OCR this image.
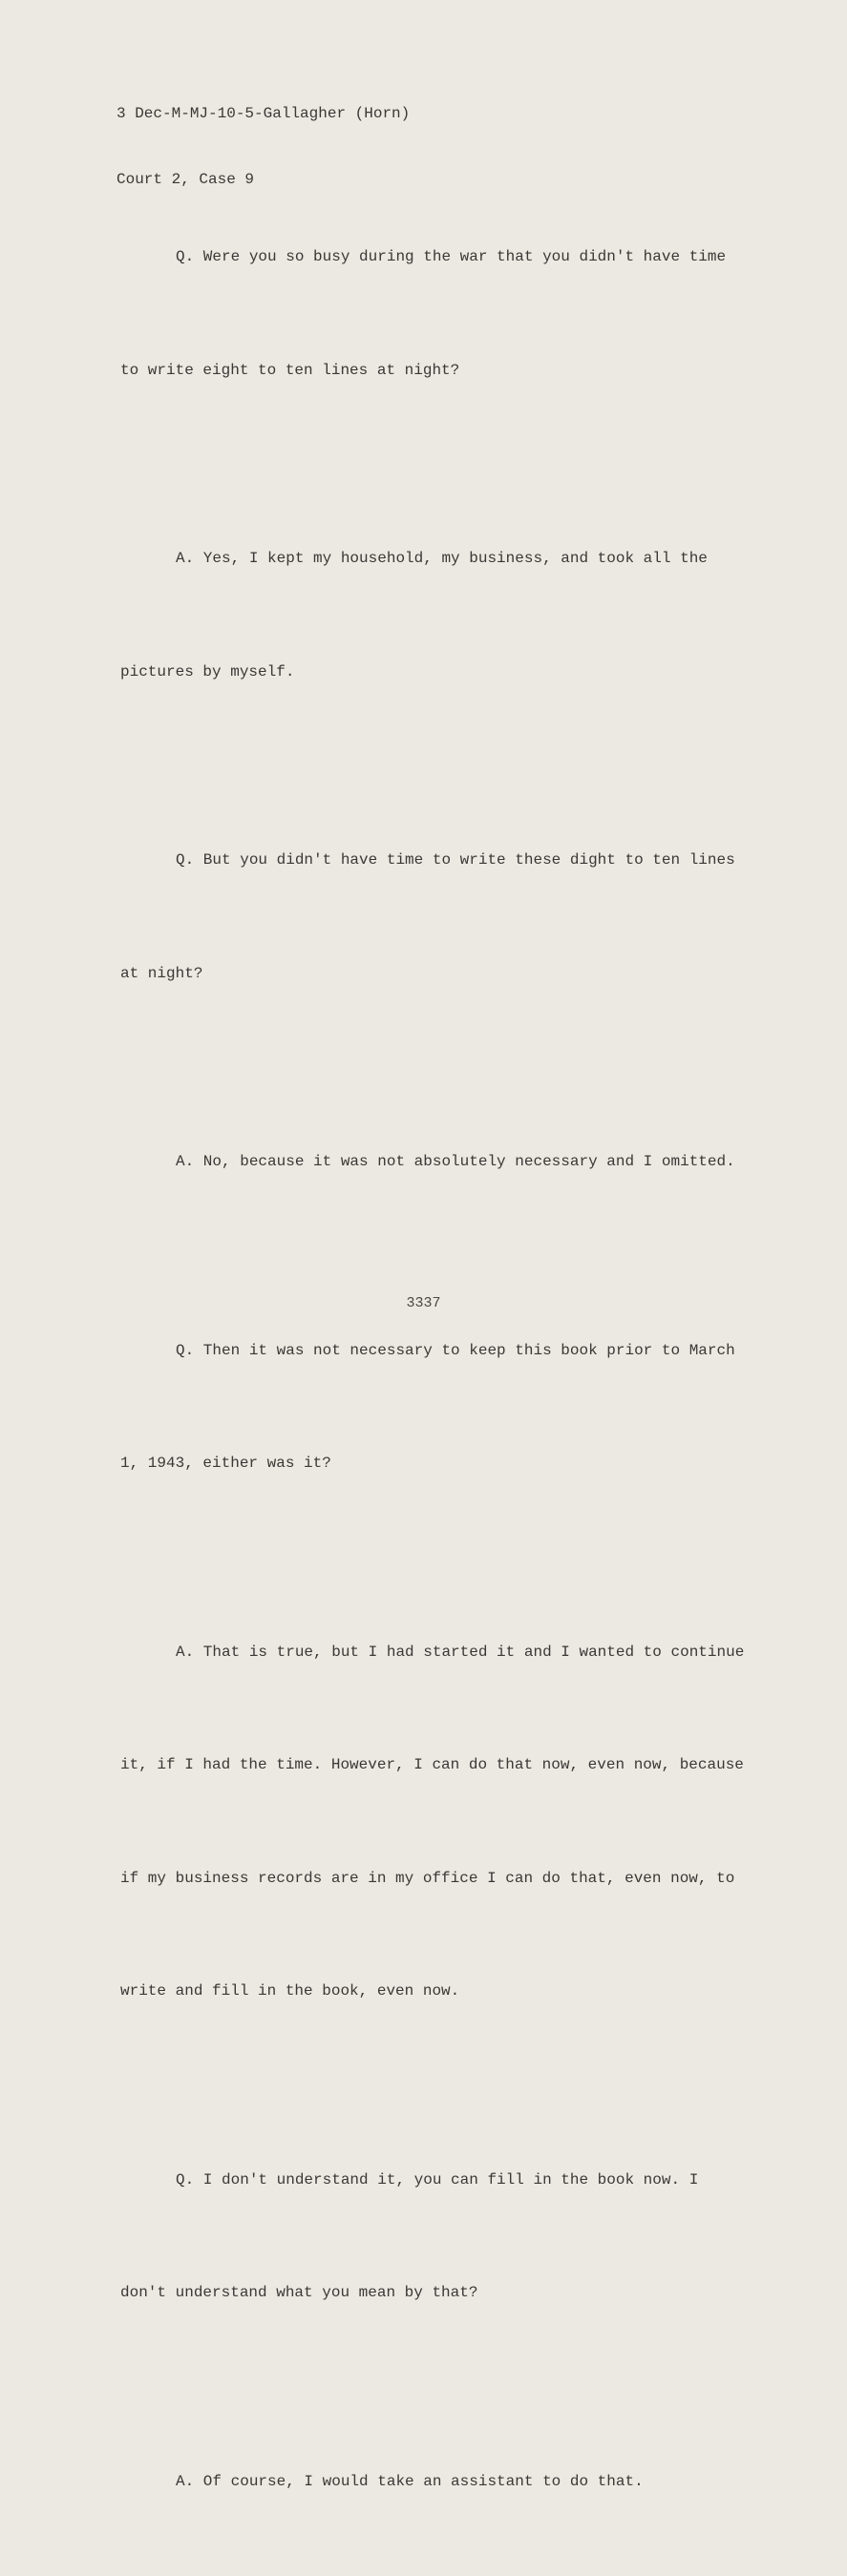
3 Dec-M-MJ-10-5-Gallagher (Horn)

Court 2, Case 9

Q. Were you so busy during the war that you didn't have time

to write eight to ten lines at night?

A. Yes, I kept my household, my business, and took all the

pictures by myself.

Q. But you didn't have time to write these dight to ten lines

at night?

A. No, because it was not absolutely necessary and I omitted.

Q. Then it was not necessary to keep this book prior to March

1, 1943, either was it?

A. That is true, but I had started it and I wanted to continue

it, if I had the time. However, I can do that now, even now, because

if my business records are in my office I can do that, even now, to

write and fill in the book, even now.

Q. I don't understand it, you can fill in the book now. I

don't understand what you mean by that?

A. Of course, I would take an assistant to do that.

3337
